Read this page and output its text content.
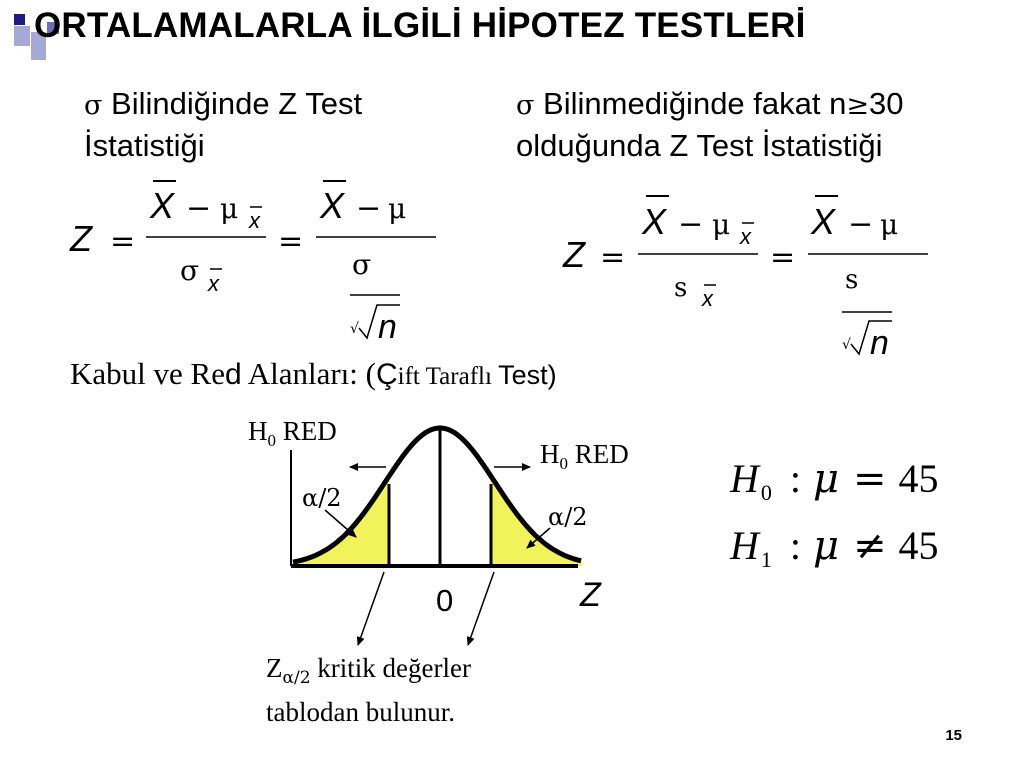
ORTALAMALARLA İLGİLİ HİPOTEZ TESTLERİ
σ Bilindiğinde Z Test
İstatistiği
σ Bilinmediğinde fakat n≥30
olduğunda Z Test İstatistiği
Z =
X − μ x
σ x
=
X − μ
σ
√ n
Z =
X − μ x
s x
=
X − μ
s
√ n
Kabul ve Red Alanları: (Çift Taraflı Test)
$H_0$ RED
$H_0$ RED
α/2
α/2
0	Z
$H_0$ : μ = 45
$H_1$ : μ ≠ 45
$Z_{\alpha/2}$ kritik değerler
tablodan bulunur.
15
